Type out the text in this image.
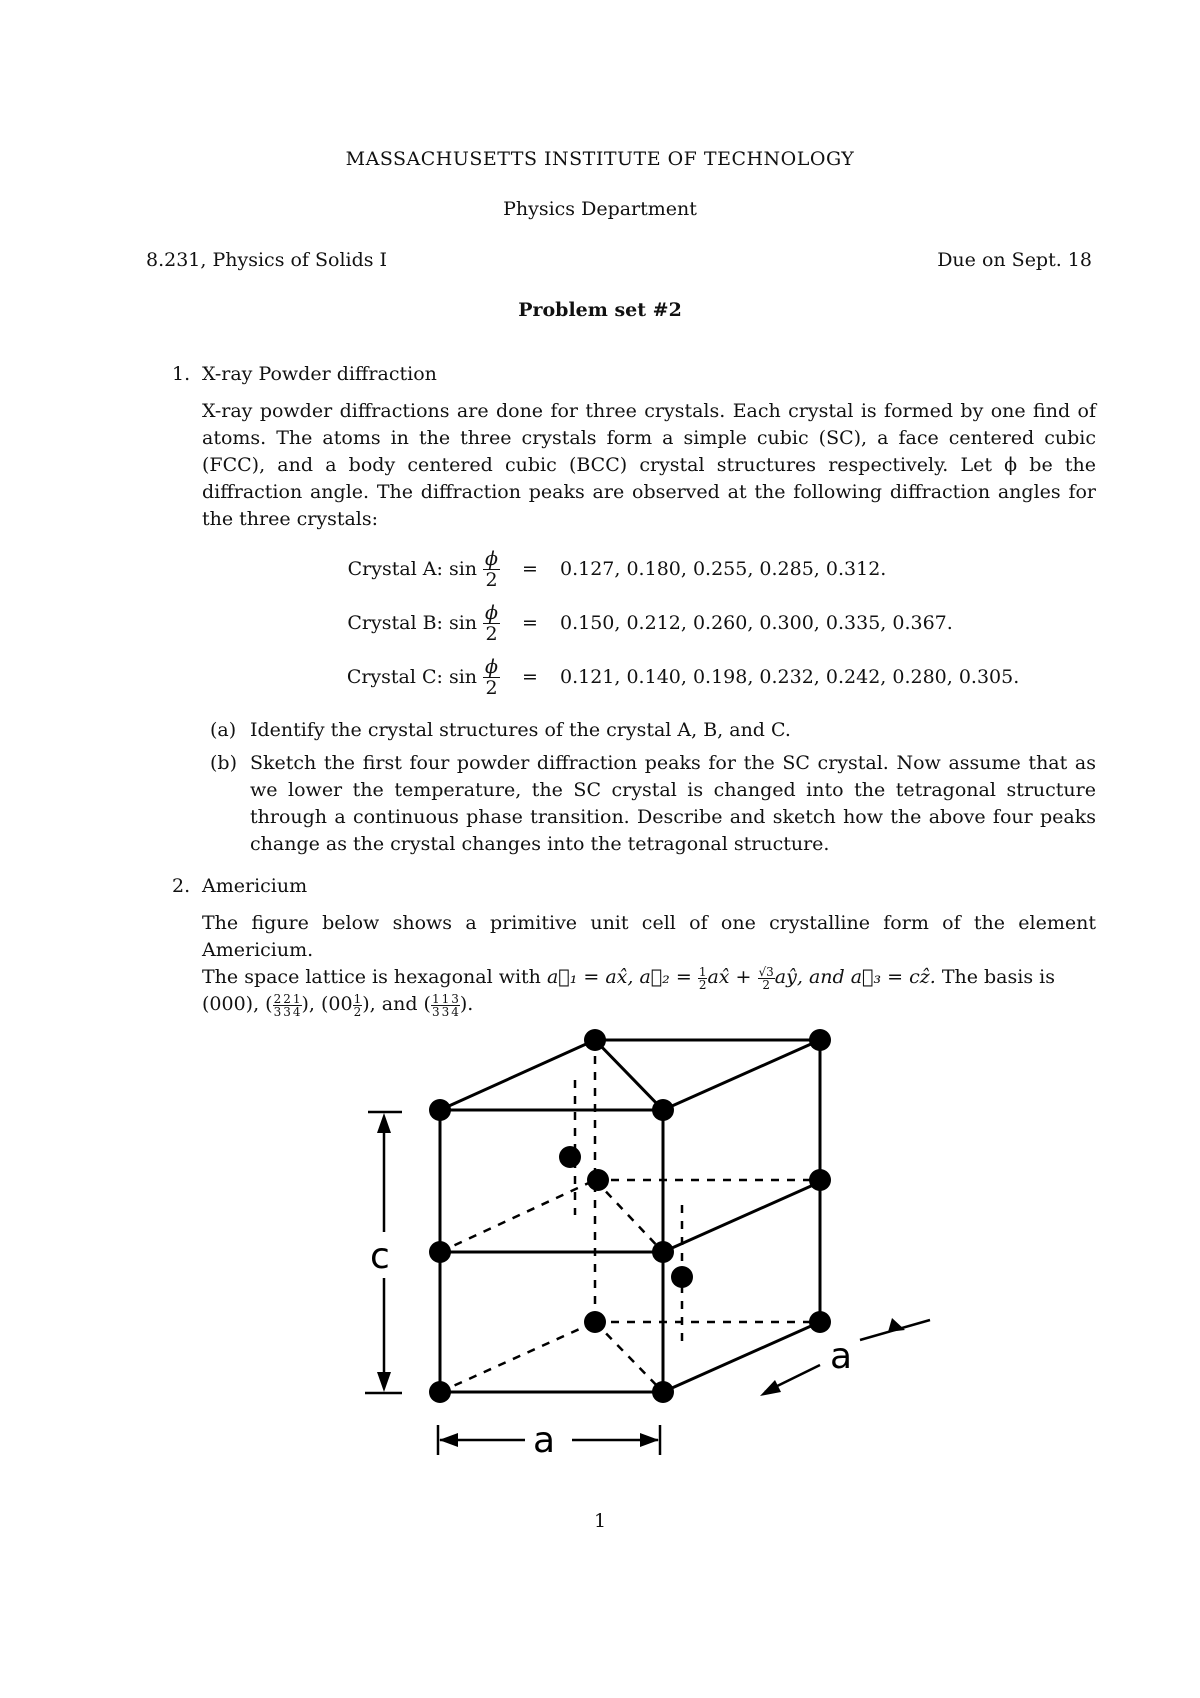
MASSACHUSETTS INSTITUTE OF TECHNOLOGY
Physics Department
8.231, Physics of Solids I	Due on Sept. 18
Problem set #2
1. X-ray Powder diffraction
X-ray powder diffractions are done for three crystals. Each crystal is formed by one find of atoms. The atoms in the three crystals form a simple cubic (SC), a face centered cubic (FCC), and a body centered cubic (BCC) crystal structures respectively. Let ϕ be the diffraction angle. The diffraction peaks are observed at the following diffraction angles for the three crystals:
Crystal A: $\sin \frac{\phi}{2}$	=	0.127, 0.180, 0.255, 0.285, 0.312.
Crystal B: $\sin \frac{\phi}{2}$	=	0.150, 0.212, 0.260, 0.300, 0.335, 0.367.
Crystal C: $\sin \frac{\phi}{2}$	=	0.121, 0.140, 0.198, 0.232, 0.242, 0.280, 0.305.
(a) Identify the crystal structures of the crystal A, B, and C.
(b) Sketch the first four powder diffraction peaks for the SC crystal. Now assume that as we lower the temperature, the SC crystal is changed into the tetragonal structure through a continuous phase transition. Describe and sketch how the above four peaks change as the crystal changes into the tetragonal structure.
2. Americium
The figure below shows a primitive unit cell of one crystalline form of the element Americium.
The space lattice is hexagonal with a⃗₁ = ax̂, a⃗₂ = $\frac{1}{2}$ ax̂ + $\frac{√3}{2}$ aŷ, and a⃗₃ = cẑ. The basis is
(000), ( $\frac{2}{3} \frac{2}{3} \frac{1}{4}$ ), ($00 \frac{1}{2}$ ), and ( $\frac{1}{3} \frac{1}{3} \frac{3}{4}$ ).
c
a
a
1
